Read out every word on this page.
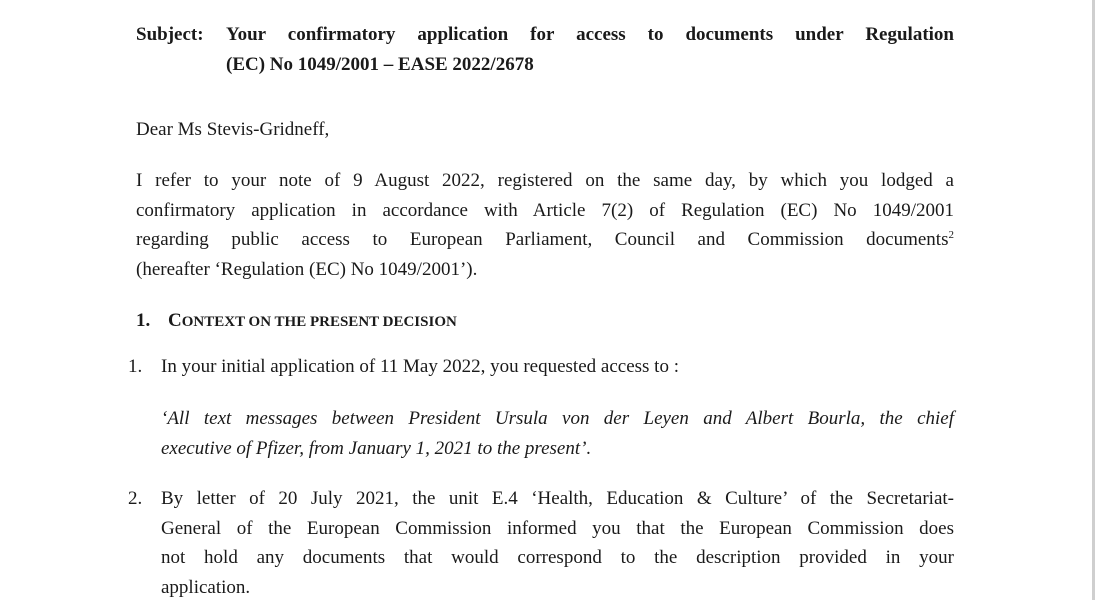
Subject:	Your confirmatory application for access to documents under Regulation
(EC) No 1049/2001 – EASE 2022/2678
Dear Ms Stevis-Gridneff,
I refer to your note of 9 August 2022, registered on the same day, by which you lodged a
confirmatory application in accordance with Article 7(2) of Regulation (EC) No 1049/2001
regarding public access to European Parliament, Council and Commission documents$^2$
(hereafter ‘Regulation (EC) No 1049/2001’).
1. CONTEXT ON THE PRESENT DECISION
1. In your initial application of 11 May 2022, you requested access to :
‘All text messages between President Ursula von der Leyen and Albert Bourla, the chief
executive of Pfizer, from January 1, 2021 to the present’.
2. By letter of 20 July 2021, the unit E.4 ‘Health, Education & Culture’ of the Secretariat-
General of the European Commission informed you that the European Commission does
not hold any documents that would correspond to the description provided in your
application.
